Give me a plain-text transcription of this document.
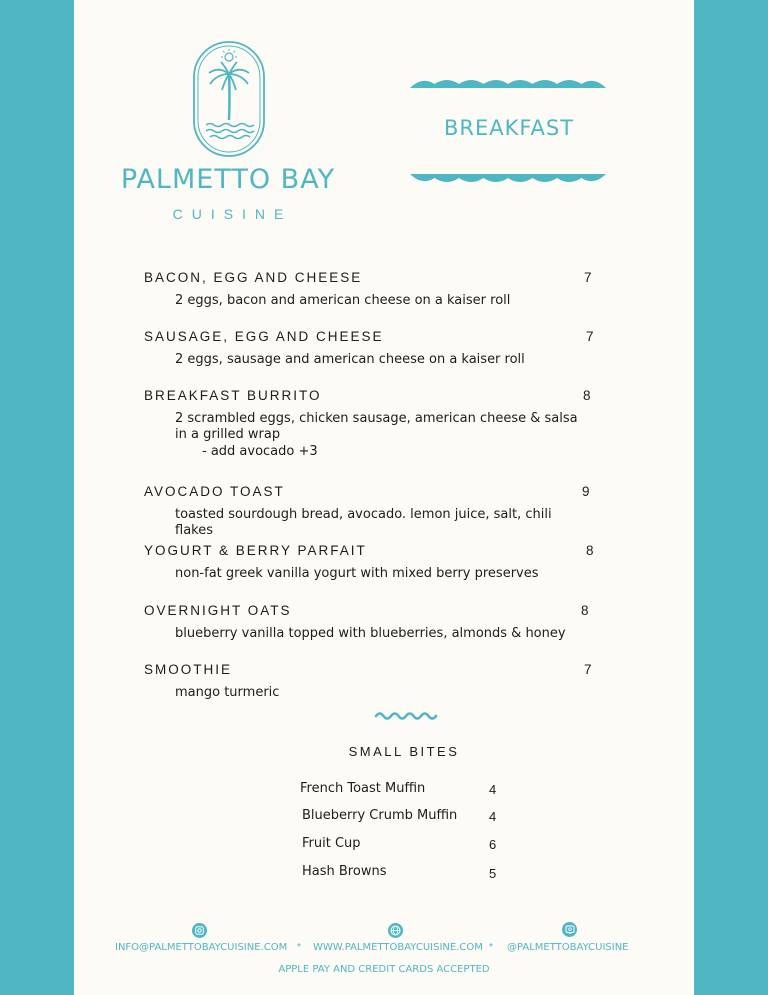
PALMETTO BAY
CUISINE
BREAKFAST
BACON, EGG AND CHEESE	7
2 eggs, bacon and american cheese on a kaiser roll
SAUSAGE, EGG AND CHEESE	7
2 eggs, sausage and american cheese on a kaiser roll
BREAKFAST BURRITO	8
2 scrambled eggs, chicken sausage, american cheese & salsa in a grilled wrap
- add avocado +3
AVOCADO TOAST	9
toasted sourdough bread, avocado. lemon juice, salt, chili flakes
YOGURT & BERRY PARFAIT	8
non-fat greek vanilla yogurt with mixed berry preserves
OVERNIGHT OATS	8
blueberry vanilla topped with blueberries, almonds & honey
SMOOTHIE	7
mango turmeric
SMALL BITES
French Toast Muffin	4
Blueberry Crumb Muffin 4
Fruit Cup	6
Hash Browns	5
INFO@PALMETTOBAYCUISINE.COM * WWW.PALMETTOBAYCUISINE.COM * @PALMETTOBAYCUISINE
APPLE PAY AND CREDIT CARDS ACCEPTED
